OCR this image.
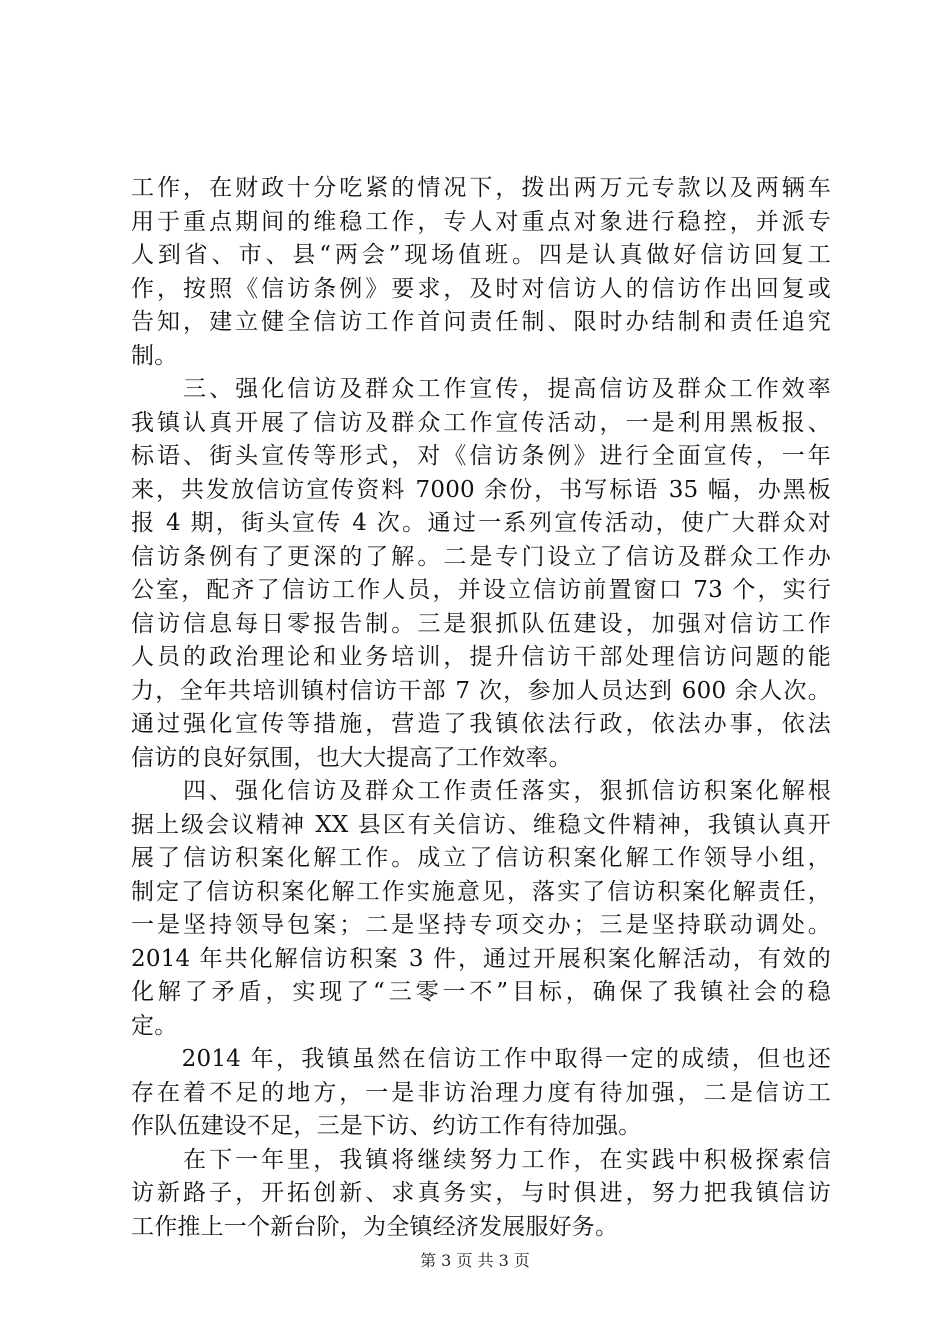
工作，在财政十分吃紧的情况下，拨出两万元专款以及两辆车
用于重点期间的维稳工作，专人对重点对象进行稳控，并派专
人到省、市、县“两会”现场值班。四是认真做好信访回复工
作，按照《信访条例》要求，及时对信访人的信访作出回复或
告知，建立健全信访工作首问责任制、限时办结制和责任追究
制。
　　三、强化信访及群众工作宣传，提高信访及群众工作效率
我镇认真开展了信访及群众工作宣传活动，一是利用黑板报、
标语、街头宣传等形式，对《信访条例》进行全面宣传，一年
来，共发放信访宣传资料 7000 余份，书写标语 35 幅，办黑板
报 4 期，街头宣传 4 次。通过一系列宣传活动，使广大群众对
信访条例有了更深的了解。二是专门设立了信访及群众工作办
公室，配齐了信访工作人员，并设立信访前置窗口 73 个，实行
信访信息每日零报告制。三是狠抓队伍建设，加强对信访工作
人员的政治理论和业务培训，提升信访干部处理信访问题的能
力，全年共培训镇村信访干部 7 次，参加人员达到 600 余人次。
通过强化宣传等措施，营造了我镇依法行政，依法办事，依法
信访的良好氛围，也大大提高了工作效率。
　　四、强化信访及群众工作责任落实，狠抓信访积案化解根
据上级会议精神 XX 县区有关信访、维稳文件精神，我镇认真开
展了信访积案化解工作。成立了信访积案化解工作领导小组，
制定了信访积案化解工作实施意见，落实了信访积案化解责任，
一是坚持领导包案；二是坚持专项交办；三是坚持联动调处。
2014 年共化解信访积案 3 件，通过开展积案化解活动，有效的
化解了矛盾，实现了“三零一不”目标，确保了我镇社会的稳
定。
　　2014 年，我镇虽然在信访工作中取得一定的成绩，但也还
存在着不足的地方，一是非访治理力度有待加强，二是信访工
作队伍建设不足，三是下访、约访工作有待加强。
　　在下一年里，我镇将继续努力工作，在实践中积极探索信
访新路子，开拓创新、求真务实，与时俱进，努力把我镇信访
工作推上一个新台阶，为全镇经济发展服好务。
第 3 页 共 3 页
